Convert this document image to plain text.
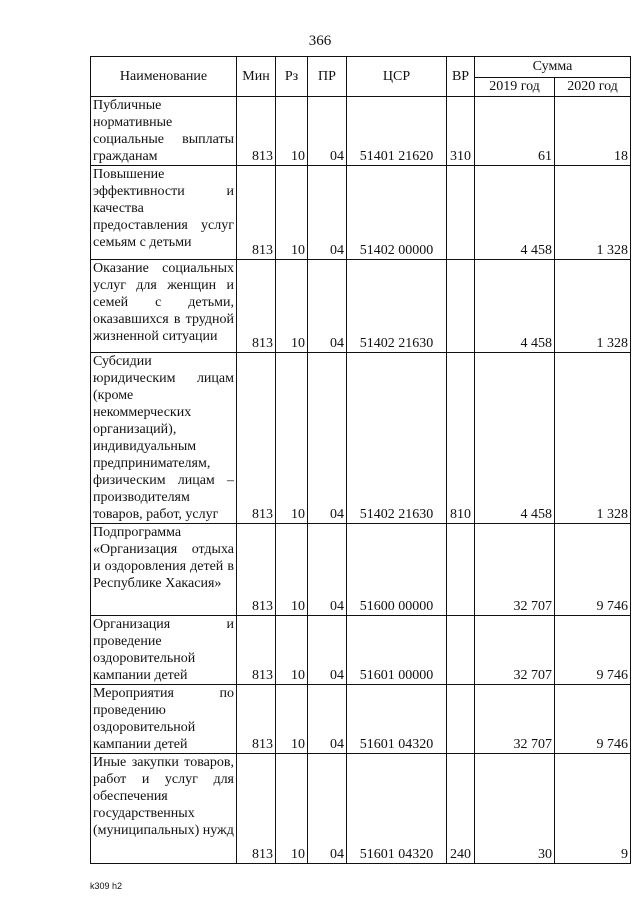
366
Наименование	Мин	Рз	ПР	ЦСР	ВР	Сумма	
						2019 год	2020 год
Публичные нормативные социальные выплаты гражданам	813	10	04	51401 21620	310	61	18
Повышение эффективности и качества предоставления услуг семьям с детьми	813	10	04	51402 00000		4 458	1 328
Оказание социальных услуг для женщин и семей с детьми, оказавшихся в трудной жизненной ситуации	813	10	04	51402 21630		4 458	1 328
Субсидии юридическим лицам (кроме некоммерческих организаций), индивидуальным предпринимателям, физическим лицам – производителям товаров, работ, услуг	813	10	04	51402 21630	810	4 458	1 328
Подпрограмма «Организация отдыха и оздоровления детей в Республике Хакасия»	813	10	04	51600 00000		32 707	9 746
Организация и проведение оздоровительной кампании детей	813	10	04	51601 00000		32 707	9 746
Мероприятия по проведению оздоровительной кампании детей	813	10	04	51601 04320		32 707	9 746
Иные закупки товаров, работ и услуг для обеспечения государственных (муниципальных) нужд	813	10	04	51601 04320	240	30	9
k309 h2
